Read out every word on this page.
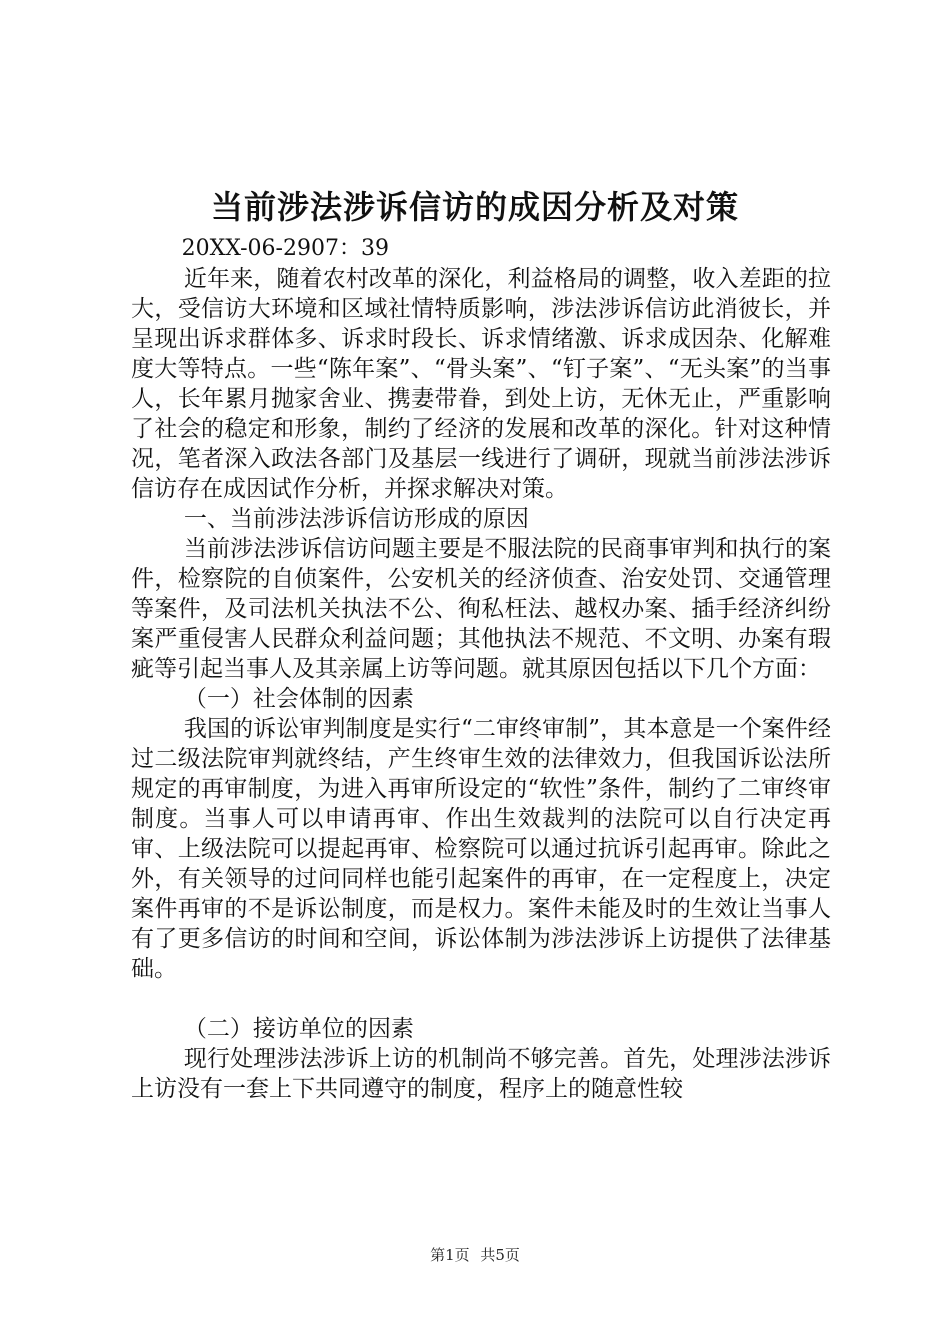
当前涉法涉诉信访的成因分析及对策

20XX-06-2907：39

近年来，随着农村改革的深化，利益格局的调整，收入差距的拉大，受信访大环境和区域社情特质影响，涉法涉诉信访此消彼长，并呈现出诉求群体多、诉求时段长、诉求情绪激、诉求成因杂、化解难度大等特点。一些“陈年案”、“骨头案”、“钉子案”、“无头案”的当事人，长年累月抛家舍业、携妻带眷，到处上访，无休无止，严重影响了社会的稳定和形象，制约了经济的发展和改革的深化。针对这种情况，笔者深入政法各部门及基层一线进行了调研，现就当前涉法涉诉信访存在成因试作分析，并探求解决对策。

一、当前涉法涉诉信访形成的原因

当前涉法涉诉信访问题主要是不服法院的民商事审判和执行的案件，检察院的自侦案件，公安机关的经济侦查、治安处罚、交通管理等案件，及司法机关执法不公、徇私枉法、越权办案、插手经济纠纷案严重侵害人民群众利益问题；其他执法不规范、不文明、办案有瑕疵等引起当事人及其亲属上访等问题。就其原因包括以下几个方面：

（一）社会体制的因素

我国的诉讼审判制度是实行“二审终审制”，其本意是一个案件经过二级法院审判就终结，产生终审生效的法律效力，但我国诉讼法所规定的再审制度，为进入再审所设定的“软性”条件，制约了二审终审制度。当事人可以申请再审、作出生效裁判的法院可以自行决定再审、上级法院可以提起再审、检察院可以通过抗诉引起再审。除此之外，有关领导的过问同样也能引起案件的再审，在一定程度上，决定案件再审的不是诉讼制度，而是权力。案件未能及时的生效让当事人有了更多信访的时间和空间，诉讼体制为涉法涉诉上访提供了法律基础。

（二）接访单位的因素

现行处理涉法涉诉上访的机制尚不够完善。首先，处理涉法涉诉上访没有一套上下共同遵守的制度，程序上的随意性较

第1页 共5页
